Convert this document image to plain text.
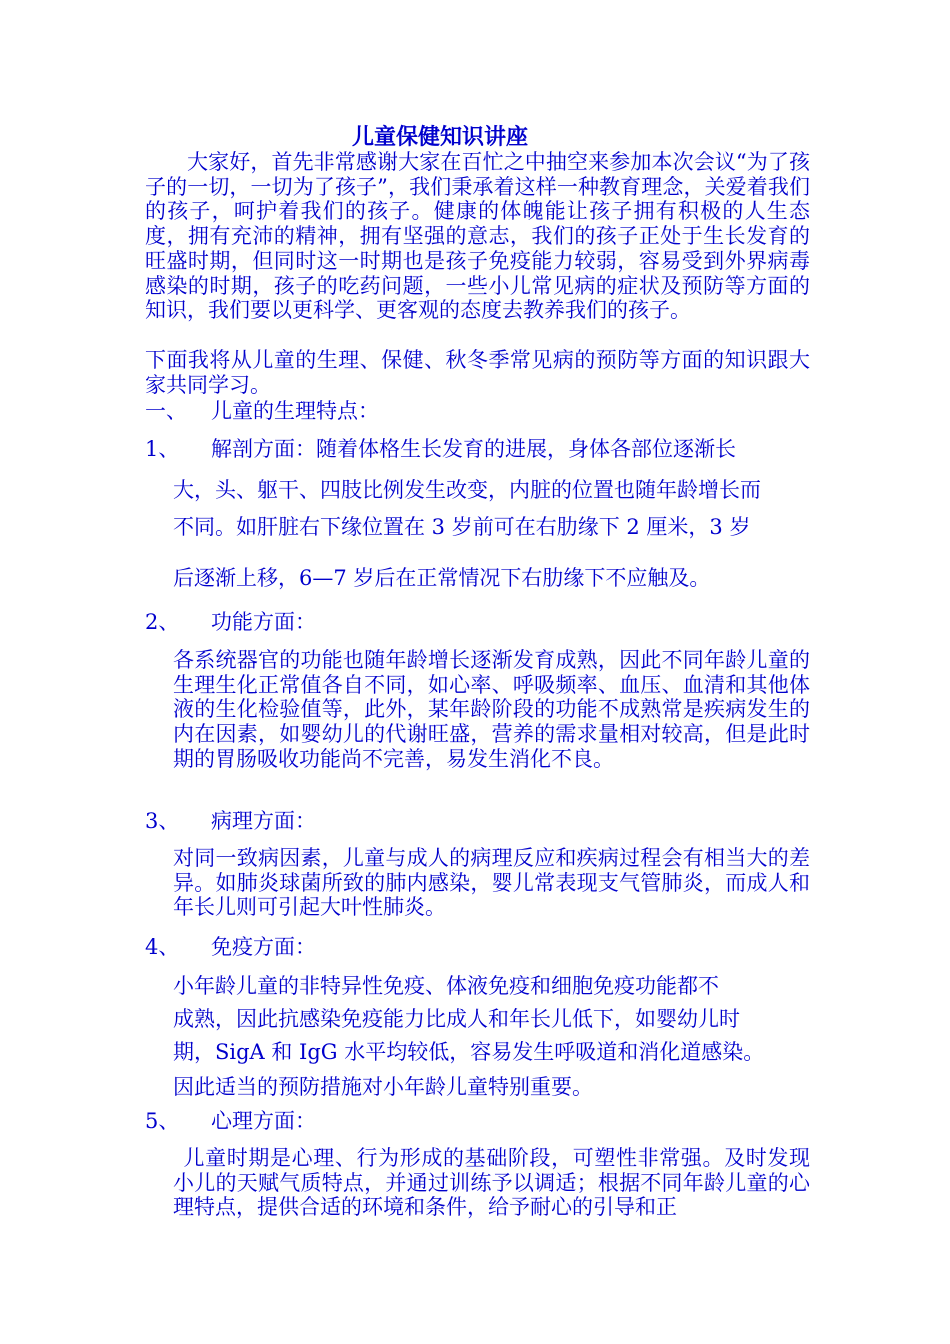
儿童保健知识讲座
大家好，首先非常感谢大家在百忙之中抽空来参加本次会议“为了孩子的一切，一切为了孩子”，我们秉承着这样一种教育理念，关爱着我们的孩子，呵护着我们的孩子。健康的体魄能让孩子拥有积极的人生态度，拥有充沛的精神，拥有坚强的意志，我们的孩子正处于生长发育的旺盛时期，但同时这一时期也是孩子免疫能力较弱，容易受到外界病毒感染的时期，孩子的吃药问题，一些小儿常见病的症状及预防等方面的知识，我们要以更科学、更客观的态度去教养我们的孩子。
下面我将从儿童的生理、保健、秋冬季常见病的预防等方面的知识跟大家共同学习。
一、 儿童的生理特点：
1、 解剖方面：随着体格生长发育的进展，身体各部位逐渐长
大，头、躯干、四肢比例发生改变，内脏的位置也随年龄增长而
不同。如肝脏右下缘位置在 3 岁前可在右肋缘下 2 厘米，3 岁
后逐渐上移，6—7 岁后在正常情况下右肋缘下不应触及。
2、 功能方面：
各系统器官的功能也随年龄增长逐渐发育成熟，因此不同年龄儿童的生理生化正常值各自不同，如心率、呼吸频率、血压、血清和其他体液的生化检验值等，此外，某年龄阶段的功能不成熟常是疾病发生的内在因素，如婴幼儿的代谢旺盛，营养的需求量相对较高，但是此时期的胃肠吸收功能尚不完善，易发生消化不良。
3、 病理方面：
对同一致病因素，儿童与成人的病理反应和疾病过程会有相当大的差异。如肺炎球菌所致的肺内感染，婴儿常表现支气管肺炎，而成人和年长儿则可引起大叶性肺炎。
4、 免疫方面：
小年龄儿童的非特异性免疫、体液免疫和细胞免疫功能都不
成熟，因此抗感染免疫能力比成人和年长儿低下，如婴幼儿时
期，SigA 和 IgG 水平均较低，容易发生呼吸道和消化道感染。
因此适当的预防措施对小年龄儿童特别重要。
5、 心理方面：
儿童时期是心理、行为形成的基础阶段，可塑性非常强。及时发现小儿的天赋气质特点，并通过训练予以调适；根据不同年龄儿童的心理特点，提供合适的环境和条件，给予耐心的引导和正
